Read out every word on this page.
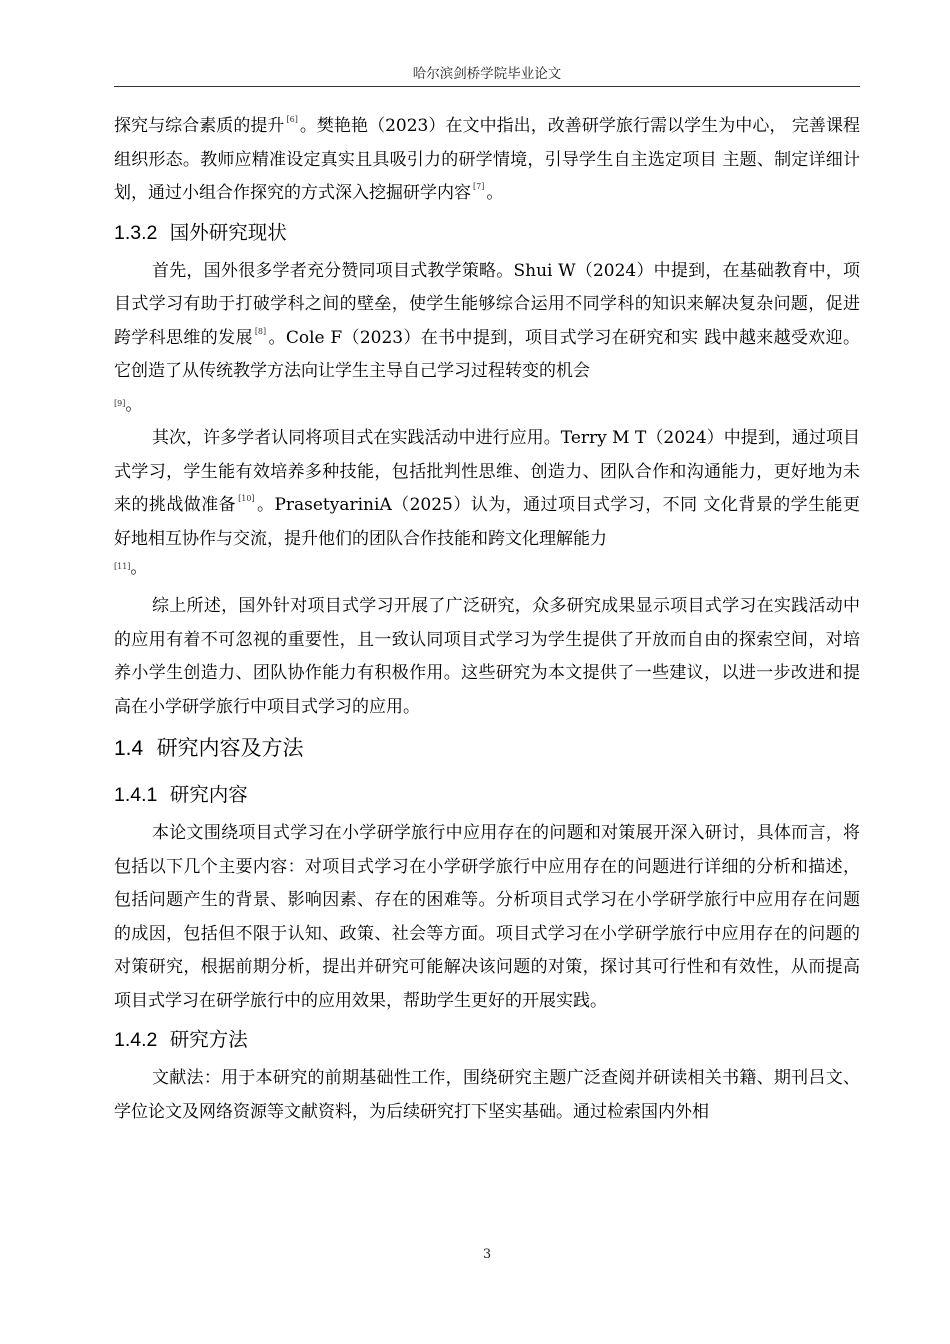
哈尔滨剑桥学院毕业论文

探究与综合素质的提升 [6] 。樊艳艳（2023）在文中指出，改善研学旅行需以学生为中心， 完善课程组织形态。教师应精准设定真实且具吸引力的研学情境，引导学生自主选定项目 主题、制定详细计划，通过小组合作探究的方式深入挖掘研学内容 [7] 。

1.3.2 国外研究现状

首先，国外很多学者充分赞同项目式教学策略。Shui W（2024）中提到，在基础教育中，项目式学习有助于打破学科之间的壁垒，使学生能够综合运用不同学科的知识来解决复杂问题，促进跨学科思维的发展 [8] 。Cole F（2023）在书中提到，项目式学习在研究和实 践中越来越受欢迎。它创造了从传统教学方法向让学生主导自己学习过程转变的机会
[9]。

其次，许多学者认同将项目式在实践活动中进行应用。Terry M T（2024）中提到，通过项目式学习，学生能有效培养多种技能，包括批判性思维、创造力、团队合作和沟通能力，更好地为未来的挑战做准备 [10] 。PrasetyariniA（2025）认为，通过项目式学习，不同 文化背景的学生能更好地相互协作与交流，提升他们的团队合作技能和跨文化理解能力

[11]。

综上所述，国外针对项目式学习开展了广泛研究，众多研究成果显示项目式学习在实践活动中的应用有着不可忽视的重要性，且一致认同项目式学习为学生提供了开放而自由的探索空间，对培养小学生创造力、团队协作能力有积极作用。这些研究为本文提供了一些建议，以进一步改进和提高在小学研学旅行中项目式学习的应用。

1.4 研究内容及方法
1.4.1 研究内容

本论文围绕项目式学习在小学研学旅行中应用存在的问题和对策展开深入研讨，具体而言，将包括以下几个主要内容：对项目式学习在小学研学旅行中应用存在的问题进行详细的分析和描述，包括问题产生的背景、影响因素、存在的困难等。分析项目式学习在小学研学旅行中应用存在问题的成因，包括但不限于认知、政策、社会等方面。项目式学习在小学研学旅行中应用存在的问题的对策研究，根据前期分析，提出并研究可能解决该问题的对策，探讨其可行性和有效性，从而提高项目式学习在研学旅行中的应用效果，帮助学生更好的开展实践。

1.4.2 研究方法

文献法：用于本研究的前期基础性工作，围绕研究主题广泛查阅并研读相关书籍、期刊吕文、学位论文及网络资源等文献资料，为后续研究打下坚实基础。通过检索国内外相

3
